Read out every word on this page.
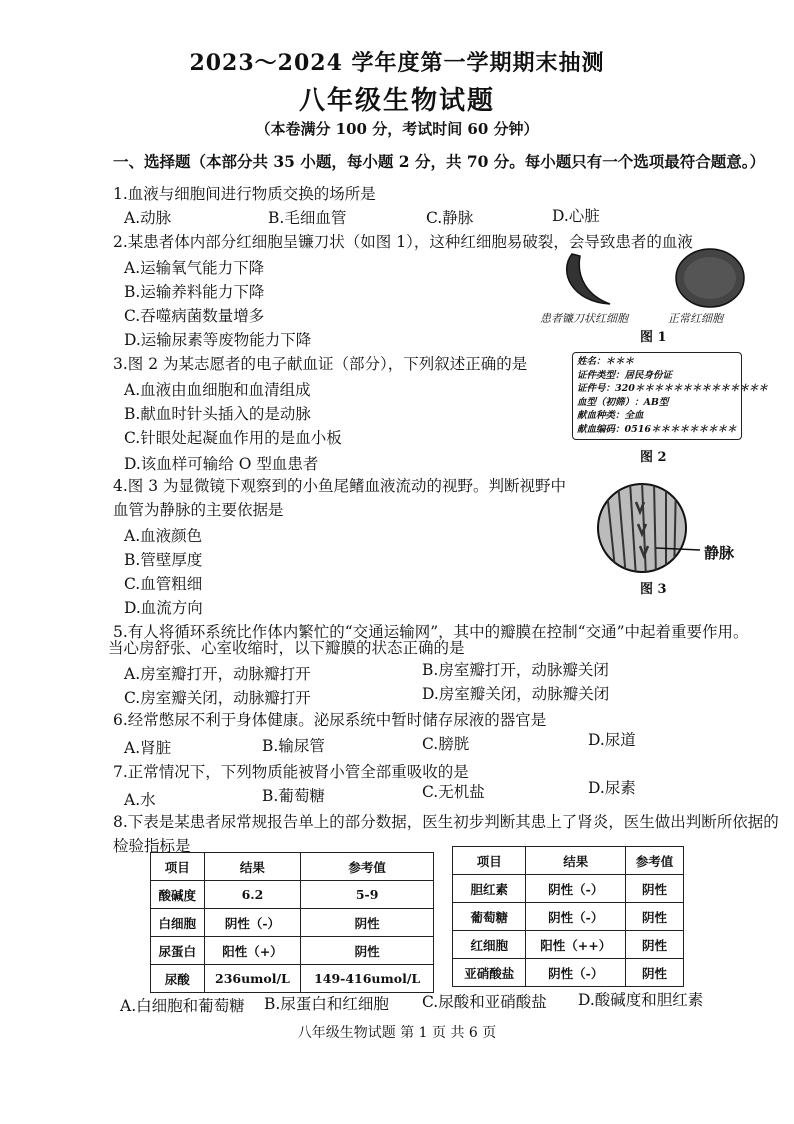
2023～2024 学年度第一学期期末抽测
八年级生物试题
（本卷满分 100 分，考试时间 60 分钟）
一、选择题（本部分共 35 小题，每小题 2 分，共 70 分。每小题只有一个选项最符合题意。）
1.血液与细胞间进行物质交换的场所是
A.动脉	B.毛细血管	C.静脉	D.心脏
2.某患者体内部分红细胞呈镰刀状（如图 1），这种红细胞易破裂，会导致患者的血液
A.运输氧气能力下降
B.运输养料能力下降
C.吞噬病菌数量增多
D.运输尿素等废物能力下降
患者镰刀状红细胞	正常红细胞
图 1
3.图 2 为某志愿者的电子献血证（部分），下列叙述正确的是
A.血液由血细胞和血清组成
B.献血时针头插入的是动脉
C.针眼处起凝血作用的是血小板
D.该血样可输给 O 型血患者
姓名：＊＊＊
证件类型：居民身份证
证件号：320＊＊＊＊＊＊＊＊＊＊＊＊＊＊
血型（初筛）：AB型
献血种类：全血
献血编码：0516＊＊＊＊＊＊＊＊＊
图 2
4.图 3 为显微镜下观察到的小鱼尾鳍血液流动的视野。判断视野中
血管为静脉的主要依据是
A.血液颜色
B.管壁厚度
C.血管粗细
D.血流方向
静脉
图 3
5.有人将循环系统比作体内繁忙的“交通运输网”，其中的瓣膜在控制“交通”中起着重要作用。
当心房舒张、心室收缩时，以下瓣膜的状态正确的是
A.房室瓣打开，动脉瓣打开	B.房室瓣打开，动脉瓣关闭
C.房室瓣关闭，动脉瓣打开	D.房室瓣关闭，动脉瓣关闭
6.经常憋尿不利于身体健康。泌尿系统中暂时储存尿液的器官是
A.肾脏	B.输尿管	C.膀胱	D.尿道
7.正常情况下，下列物质能被肾小管全部重吸收的是
A.水	B.葡萄糖	C.无机盐	D.尿素
8.下表是某患者尿常规报告单上的部分数据，医生初步判断其患上了肾炎，医生做出判断所依据的
检验指标是
项目	结果	参考值
酸碱度	6.2	5-9
白细胞	阴性（-）	阴性
尿蛋白	阳性（+）	阴性
尿酸	236umol/L	149-416umol/L
项目	结果	参考值
胆红素	阴性（-）	阴性
葡萄糖	阴性（-）	阴性
红细胞	阳性（++）	阴性
亚硝酸盐	阴性（-）	阴性
A.白细胞和葡萄糖 B.尿蛋白和红细胞 C.尿酸和亚硝酸盐 D.酸碱度和胆红素
八年级生物试题 第 1 页 共 6 页
